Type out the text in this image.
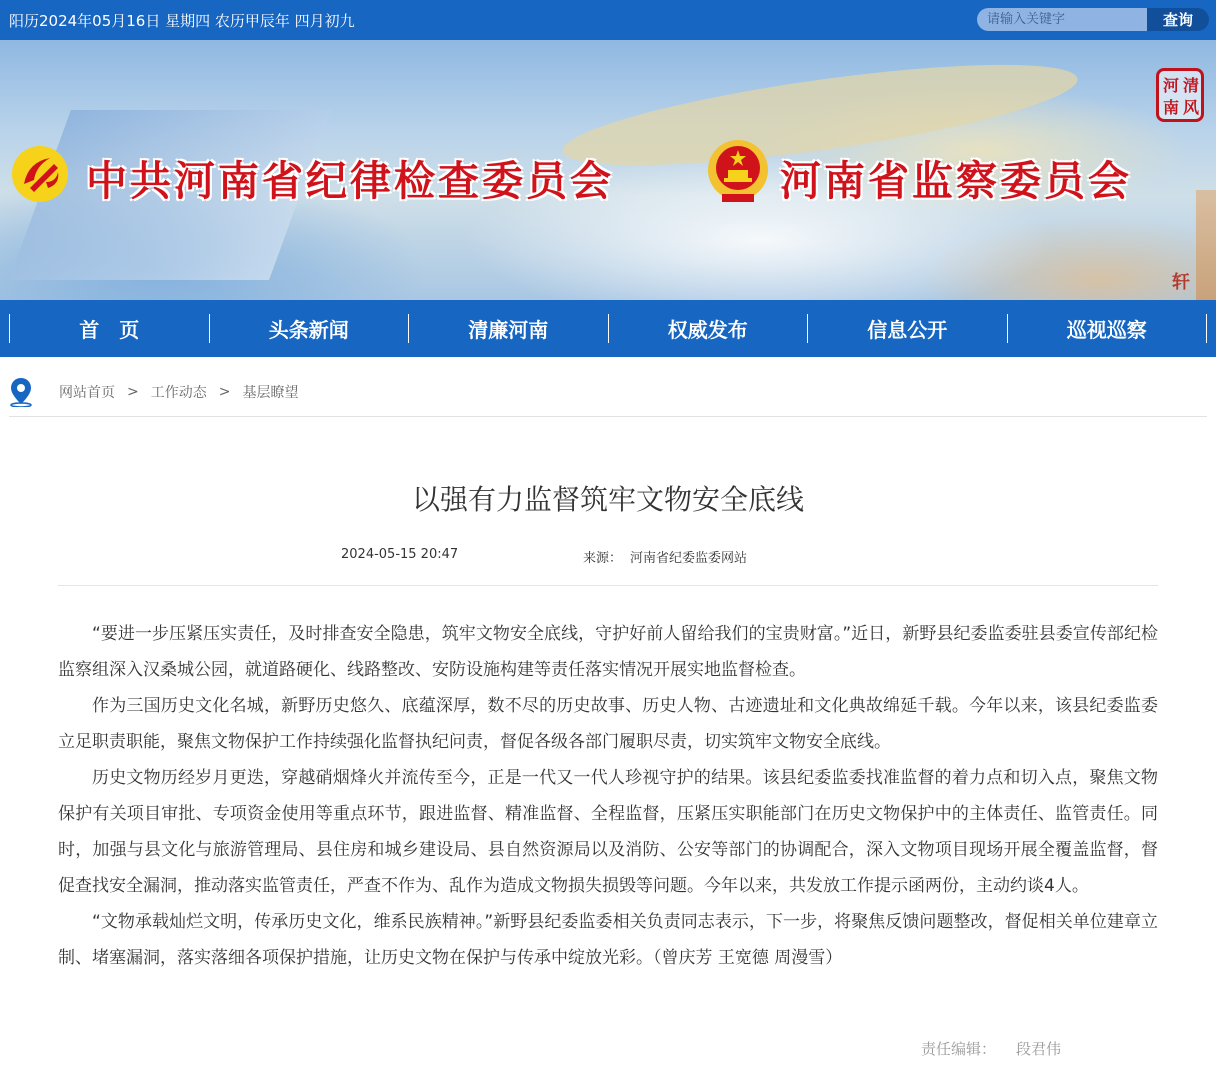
阳历2024年05月16日 星期四 农历甲辰年 四月初九
请输入关键字	查询
中共河南省纪律检查委员会	河南省监察委员会
清
风
河
南
轩
首　页	头条新闻	清廉河南	权威发布	信息公开	巡视巡察
网站首页 > 工作动态 > 基层瞭望
以强有力监督筑牢文物安全底线
2024-05-15 20:47	来源： 河南省纪委监委网站

“要进一步压紧压实责任，及时排查安全隐患，筑牢文物安全底线，守护好前人留给我们的宝贵财富。”近日，新野县纪委监委驻县委宣传部纪检监察组深入汉桑城公园，就道路硬化、线路整改、安防设施构建等责任落实情况开展实地监督检查。

作为三国历史文化名城，新野历史悠久、底蕴深厚，数不尽的历史故事、历史人物、古迹遗址和文化典故绵延千载。今年以来，该县纪委监委立足职责职能，聚焦文物保护工作持续强化监督执纪问责，督促各级各部门履职尽责，切实筑牢文物安全底线。

历史文物历经岁月更迭，穿越硝烟烽火并流传至今，正是一代又一代人珍视守护的结果。该县纪委监委找准监督的着力点和切入点，聚焦文物保护有关项目审批、专项资金使用等重点环节，跟进监督、精准监督、全程监督，压紧压实职能部门在历史文物保护中的主体责任、监管责任。同时，加强与县文化与旅游管理局、县住房和城乡建设局、县自然资源局以及消防、公安等部门的协调配合，深入文物项目现场开展全覆盖监督，督促查找安全漏洞，推动落实监管责任，严查不作为、乱作为造成文物损失损毁等问题。今年以来，共发放工作提示函两份，主动约谈4人。

“文物承载灿烂文明，传承历史文化，维系民族精神。”新野县纪委监委相关负责同志表示，下一步，将聚焦反馈问题整改，督促相关单位建章立制、堵塞漏洞，落实落细各项保护措施，让历史文物在保护与传承中绽放光彩。（曾庆芳 王宽德 周漫雪）

责任编辑： 段君伟
